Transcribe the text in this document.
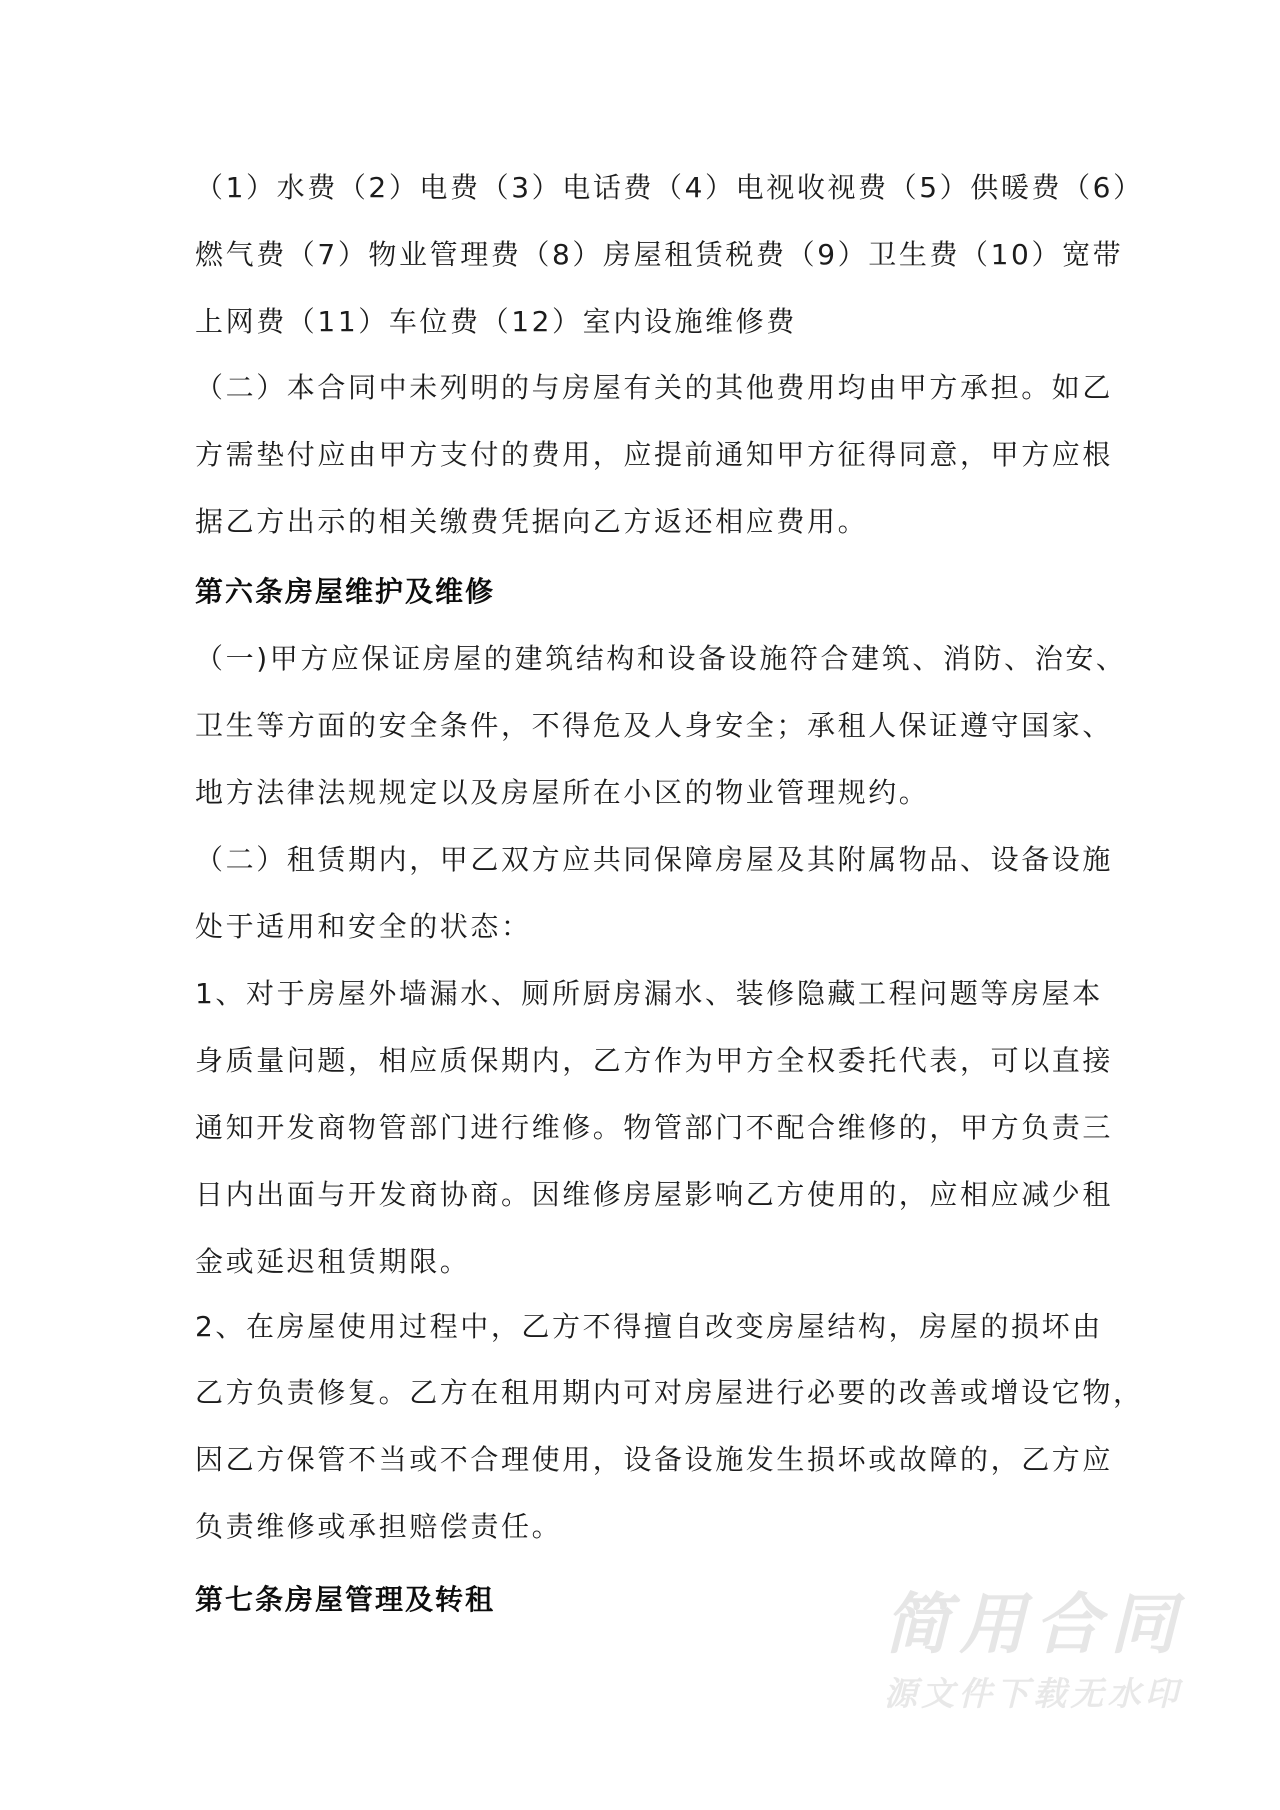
（1）水费（2）电费（3）电话费（4）电视收视费（5）供暖费（6）
燃气费（7）物业管理费（8）房屋租赁税费（9）卫生费（10）宽带
上网费（11）车位费（12）室内设施维修费
（二）本合同中未列明的与房屋有关的其他费用均由甲方承担。如乙
方需垫付应由甲方支付的费用，应提前通知甲方征得同意，甲方应根
据乙方出示的相关缴费凭据向乙方返还相应费用。
第六条房屋维护及维修
（一)甲方应保证房屋的建筑结构和设备设施符合建筑、消防、治安、
卫生等方面的安全条件，不得危及人身安全；承租人保证遵守国家、
地方法律法规规定以及房屋所在小区的物业管理规约。
（二）租赁期内，甲乙双方应共同保障房屋及其附属物品、设备设施
处于适用和安全的状态：
1、对于房屋外墙漏水、厕所厨房漏水、装修隐藏工程问题等房屋本
身质量问题，相应质保期内，乙方作为甲方全权委托代表，可以直接
通知开发商物管部门进行维修。物管部门不配合维修的，甲方负责三
日内出面与开发商协商。因维修房屋影响乙方使用的，应相应减少租
金或延迟租赁期限。
2、在房屋使用过程中，乙方不得擅自改变房屋结构，房屋的损坏由
乙方负责修复。乙方在租用期内可对房屋进行必要的改善或增设它物，
因乙方保管不当或不合理使用，设备设施发生损坏或故障的，乙方应
负责维修或承担赔偿责任。
第七条房屋管理及转租	简用合同
源文件下载无水印
